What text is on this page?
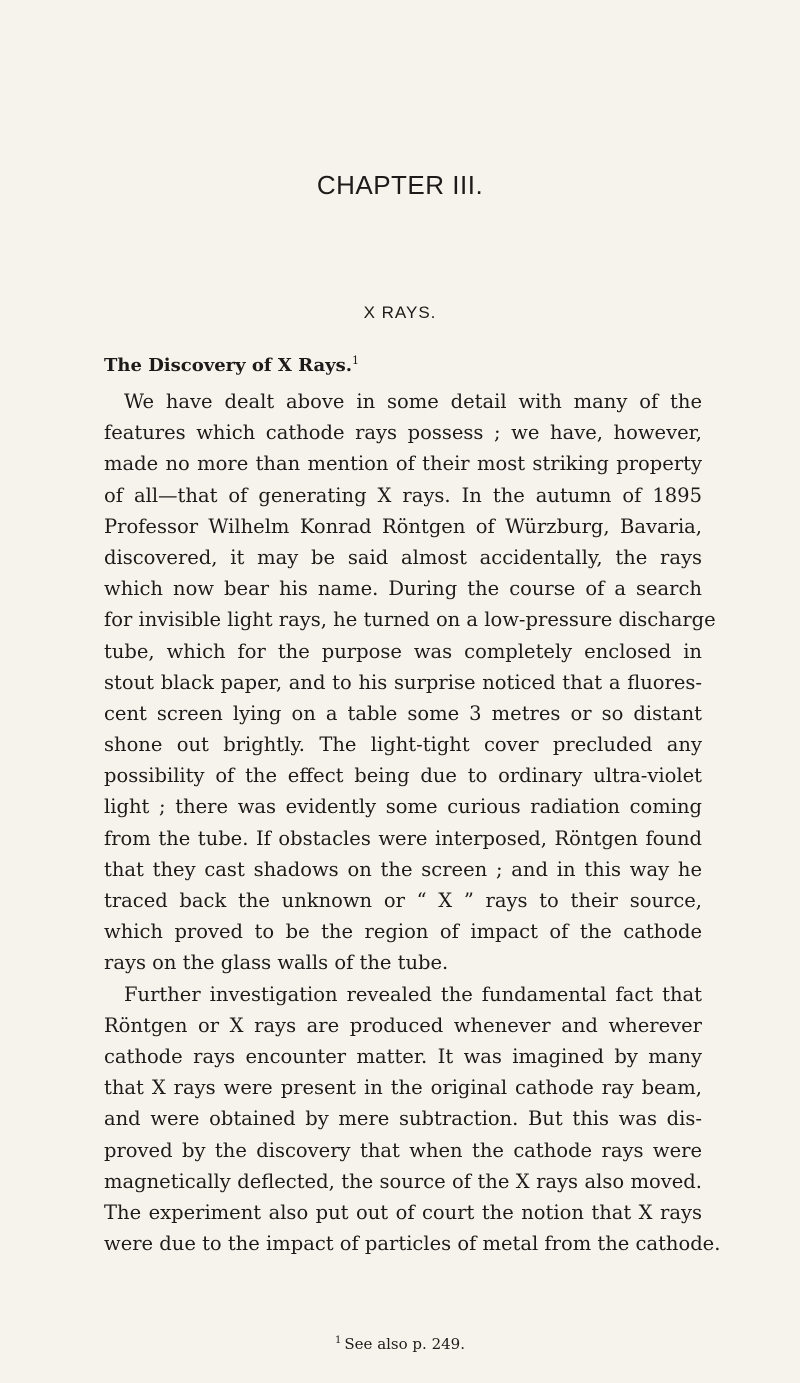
CHAPTER III.
X RAYS.
The Discovery of X Rays.$^1$
We have dealt above in some detail with many of the
features which cathode rays possess ; we have, however,
made no more than mention of their most striking property
of all—that of generating X rays. In the autumn of 1895
Professor Wilhelm Konrad Röntgen of Würzburg, Bavaria,
discovered, it may be said almost accidentally, the rays
which now bear his name. During the course of a search
for invisible light rays, he turned on a low-pressure discharge
tube, which for the purpose was completely enclosed in
stout black paper, and to his surprise noticed that a fluores-
cent screen lying on a table some 3 metres or so distant
shone out brightly. The light-tight cover precluded any
possibility of the effect being due to ordinary ultra-violet
light ; there was evidently some curious radiation coming
from the tube. If obstacles were interposed, Röntgen found
that they cast shadows on the screen ; and in this way he
traced back the unknown or “ X ” rays to their source,
which proved to be the region of impact of the cathode
rays on the glass walls of the tube.
Further investigation revealed the fundamental fact that
Röntgen or X rays are produced whenever and wherever
cathode rays encounter matter. It was imagined by many
that X rays were present in the original cathode ray beam,
and were obtained by mere subtraction. But this was dis-
proved by the discovery that when the cathode rays were
magnetically deflected, the source of the X rays also moved.
The experiment also put out of court the notion that X rays
were due to the impact of particles of metal from the cathode.
$^1$ See also p. 249.
